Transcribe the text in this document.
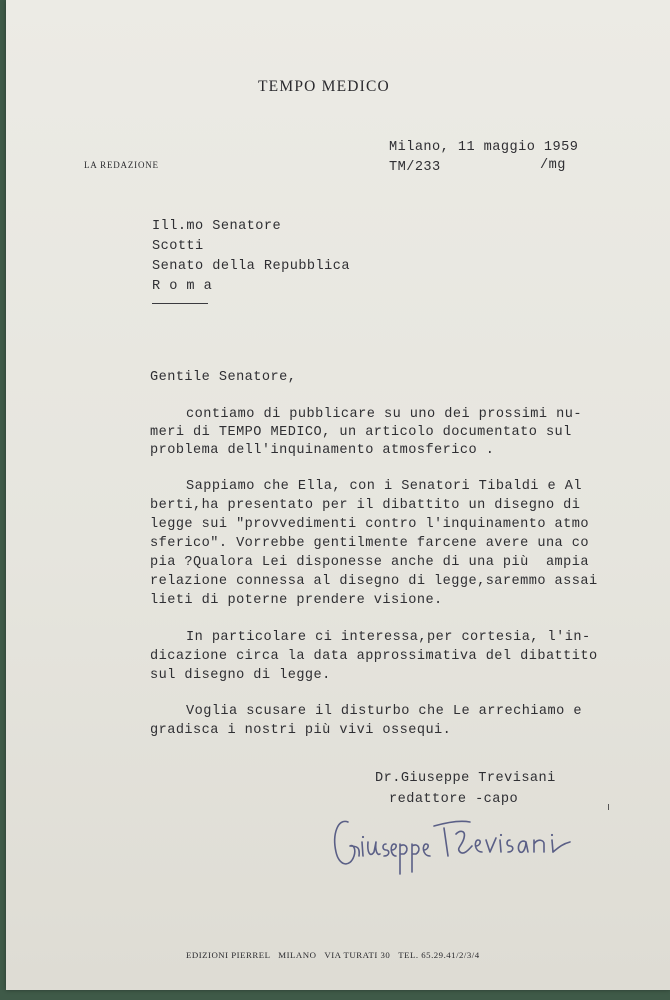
TEMPO MEDICO
LA REDAZIONE
Milano, 11 maggio 1959
TM/233	/mg
Ill.mo Senatore
Scotti
Senato della Repubblica
R o m a
Gentile Senatore,
contiamo di pubblicare su uno dei prossimi nu-
meri di TEMPO MEDICO, un articolo documentato sul
problema dell'inquinamento atmosferico .
Sappiamo che Ella, con i Senatori Tibaldi e Al
berti,ha presentato per il dibattito un disegno di
legge sui "provvedimenti contro l'inquinamento atmo
sferico". Vorrebbe gentilmente farcene avere una co
pia ?Qualora Lei disponesse anche di una più  ampia
relazione connessa al disegno di legge,saremmo assai
lieti di poterne prendere visione.
In particolare ci interessa,per cortesia, l'in-
dicazione circa la data approssimativa del dibattito
sul disegno di legge.
Voglia scusare il disturbo che Le arrechiamo e
gradisca i nostri più vivi ossequi.
Dr.Giuseppe Trevisani
redattore -capo
EDIZIONI PIERREL   MILANO   VIA TURATI 30   TEL. 65.29.41/2/3/4
